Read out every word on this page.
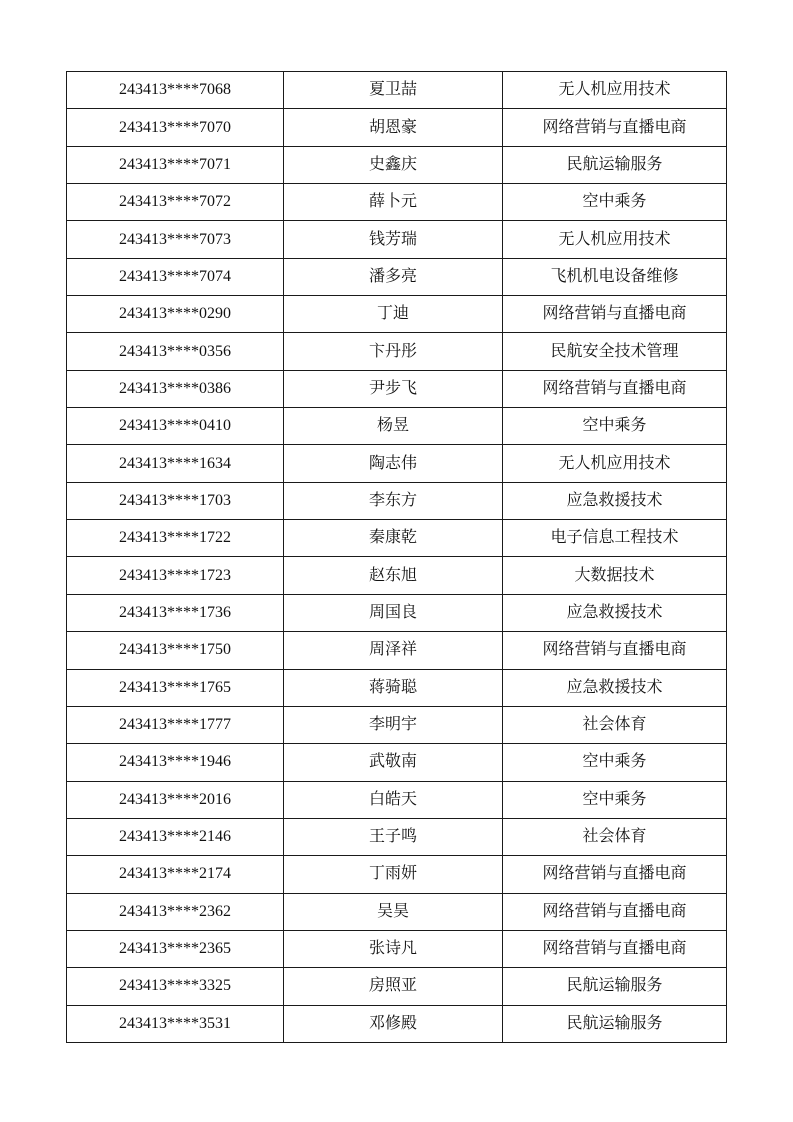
243413****7068	夏卫喆	无人机应用技术
243413****7070	胡恩豪	网络营销与直播电商
243413****7071	史鑫庆	民航运输服务
243413****7072	薛卜元	空中乘务
243413****7073	钱芳瑞	无人机应用技术
243413****7074	潘多亮	飞机机电设备维修
243413****0290	丁迪	网络营销与直播电商
243413****0356	卞丹彤	民航安全技术管理
243413****0386	尹步飞	网络营销与直播电商
243413****0410	杨昱	空中乘务
243413****1634	陶志伟	无人机应用技术
243413****1703	李东方	应急救援技术
243413****1722	秦康乾	电子信息工程技术
243413****1723	赵东旭	大数据技术
243413****1736	周国良	应急救援技术
243413****1750	周泽祥	网络营销与直播电商
243413****1765	蒋骑聪	应急救援技术
243413****1777	李明宇	社会体育
243413****1946	武敬南	空中乘务
243413****2016	白皓天	空中乘务
243413****2146	王子鸣	社会体育
243413****2174	丁雨妍	网络营销与直播电商
243413****2362	吴昊	网络营销与直播电商
243413****2365	张诗凡	网络营销与直播电商
243413****3325	房照亚	民航运输服务
243413****3531	邓修殿	民航运输服务
